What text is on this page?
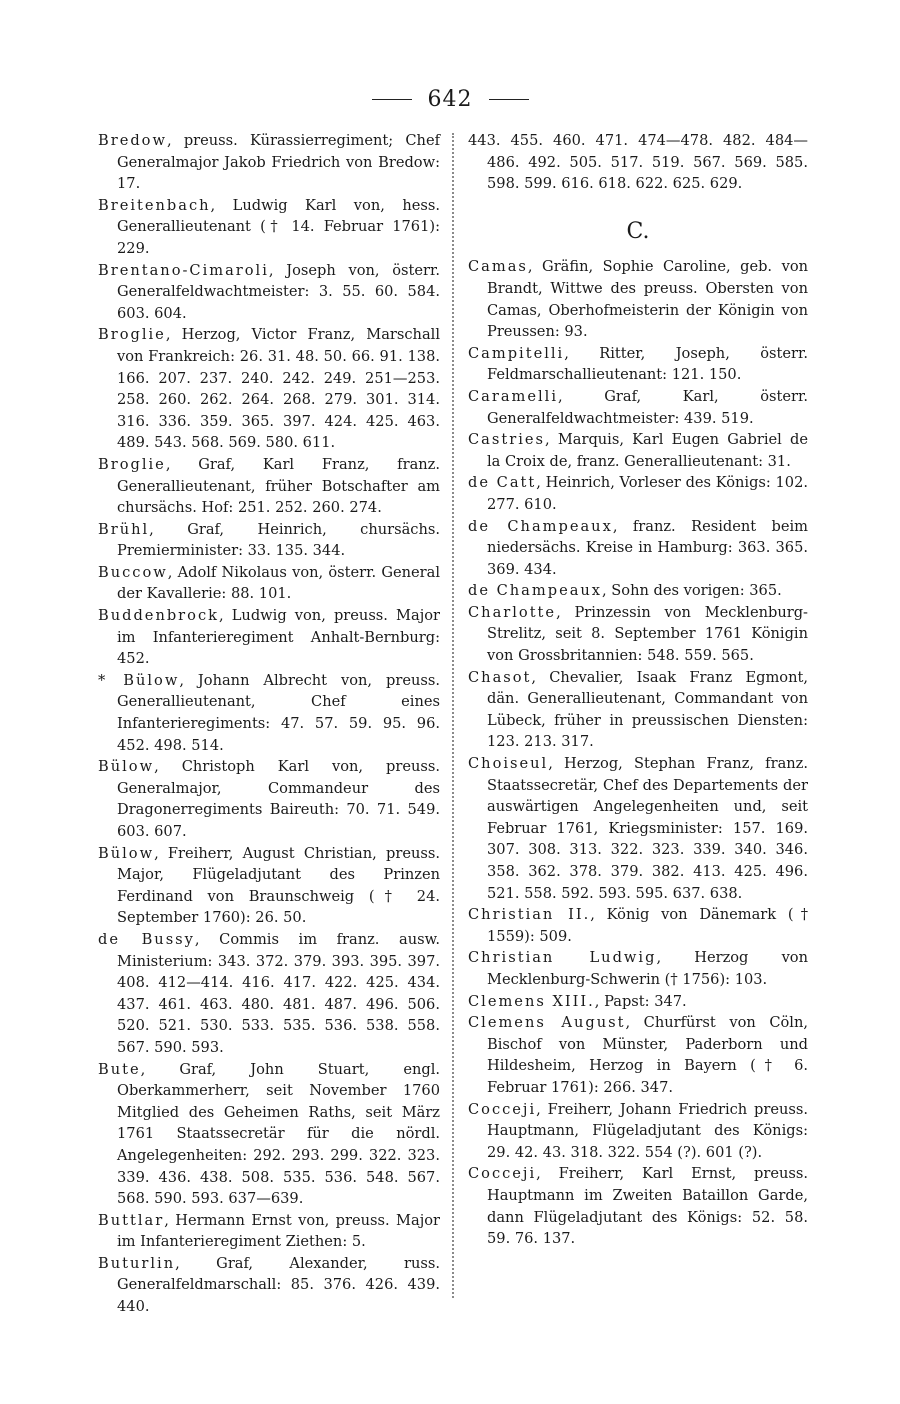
642

Bredow, preuss. Kürassierregiment; Chef Generalmajor Jakob Friedrich von Bredow: 17.

Breitenbach, Ludwig Karl von, hess. Generallieutenant († 14. Februar 1761): 229.

Brentano-Cimaroli, Joseph von, österr. Generalfeldwachtmeister: 3. 55. 60. 584. 603. 604.

Broglie, Herzog, Victor Franz, Marschall von Frankreich: 26. 31. 48. 50. 66. 91. 138. 166. 207. 237. 240. 242. 249. 251—253. 258. 260. 262. 264. 268. 279. 301. 314. 316. 336. 359. 365. 397. 424. 425. 463. 489. 543. 568. 569. 580. 611.

Broglie, Graf, Karl Franz, franz. Generallieutenant, früher Botschafter am chursächs. Hof: 251. 252. 260. 274.

Brühl, Graf, Heinrich, chursächs. Premierminister: 33. 135. 344.

Buccow, Adolf Nikolaus von, österr. General der Kavallerie: 88. 101.

Buddenbrock, Ludwig von, preuss. Major im Infanterieregiment Anhalt-Bernburg: 452.

* Bülow, Johann Albrecht von, preuss. Generallieutenant, Chef eines Infanterieregiments: 47. 57. 59. 95. 96. 452. 498. 514.

Bülow, Christoph Karl von, preuss. Generalmajor, Commandeur des Dragonerregiments Baireuth: 70. 71. 549. 603. 607.

Bülow, Freiherr, August Christian, preuss. Major, Flügeladjutant des Prinzen Ferdinand von Braunschweig († 24. September 1760): 26. 50.

de Bussy, Commis im franz. ausw. Ministerium: 343. 372. 379. 393. 395. 397. 408. 412—414. 416. 417. 422. 425. 434. 437. 461. 463. 480. 481. 487. 496. 506. 520. 521. 530. 533. 535. 536. 538. 558. 567. 590. 593.

Bute, Graf, John Stuart, engl. Oberkammerherr, seit November 1760 Mitglied des Geheimen Raths, seit März 1761 Staatssecretär für die nördl. Angelegenheiten: 292. 293. 299. 322. 323. 339. 436. 438. 508. 535. 536. 548. 567. 568. 590. 593. 637—639.

Buttlar, Hermann Ernst von, preuss. Major im Infanterieregiment Ziethen: 5.

Buturlin, Graf, Alexander, russ. Generalfeldmarschall: 85. 376. 426. 439. 440.

443. 455. 460. 471. 474—478. 482. 484—486. 492. 505. 517. 519. 567. 569. 585. 598. 599. 616. 618. 622. 625. 629.

C.

Camas, Gräfin, Sophie Caroline, geb. von Brandt, Wittwe des preuss. Obersten von Camas, Oberhofmeisterin der Königin von Preussen: 93.

Campitelli, Ritter, Joseph, österr. Feldmarschallieutenant: 121. 150.

Caramelli, Graf, Karl, österr. Generalfeldwachtmeister: 439. 519.

Castries, Marquis, Karl Eugen Gabriel de la Croix de, franz. Generallieutenant: 31.

de Catt, Heinrich, Vorleser des Königs: 102. 277. 610.

de Champeaux, franz. Resident beim niedersächs. Kreise in Hamburg: 363. 365. 369. 434.

de Champeaux, Sohn des vorigen: 365.

Charlotte, Prinzessin von Mecklenburg-Strelitz, seit 8. September 1761 Königin von Grossbritannien: 548. 559. 565.

Chasot, Chevalier, Isaak Franz Egmont, dän. Generallieutenant, Commandant von Lübeck, früher in preussischen Diensten: 123. 213. 317.

Choiseul, Herzog, Stephan Franz, franz. Staatssecretär, Chef des Departements der auswärtigen Angelegenheiten und, seit Februar 1761, Kriegsminister: 157. 169. 307. 308. 313. 322. 323. 339. 340. 346. 358. 362. 378. 379. 382. 413. 425. 496. 521. 558. 592. 593. 595. 637. 638.

Christian II., König von Dänemark († 1559): 509.

Christian Ludwig, Herzog von Mecklenburg-Schwerin († 1756): 103.

Clemens XIII., Papst: 347.

Clemens August, Churfürst von Cöln, Bischof von Münster, Paderborn und Hildesheim, Herzog in Bayern († 6. Februar 1761): 266. 347.

Cocceji, Freiherr, Johann Friedrich preuss. Hauptmann, Flügeladjutant des Königs: 29. 42. 43. 318. 322. 554 (?). 601 (?).

Cocceji, Freiherr, Karl Ernst, preuss. Hauptmann im Zweiten Bataillon Garde, dann Flügeladjutant des Königs: 52. 58. 59. 76. 137.
